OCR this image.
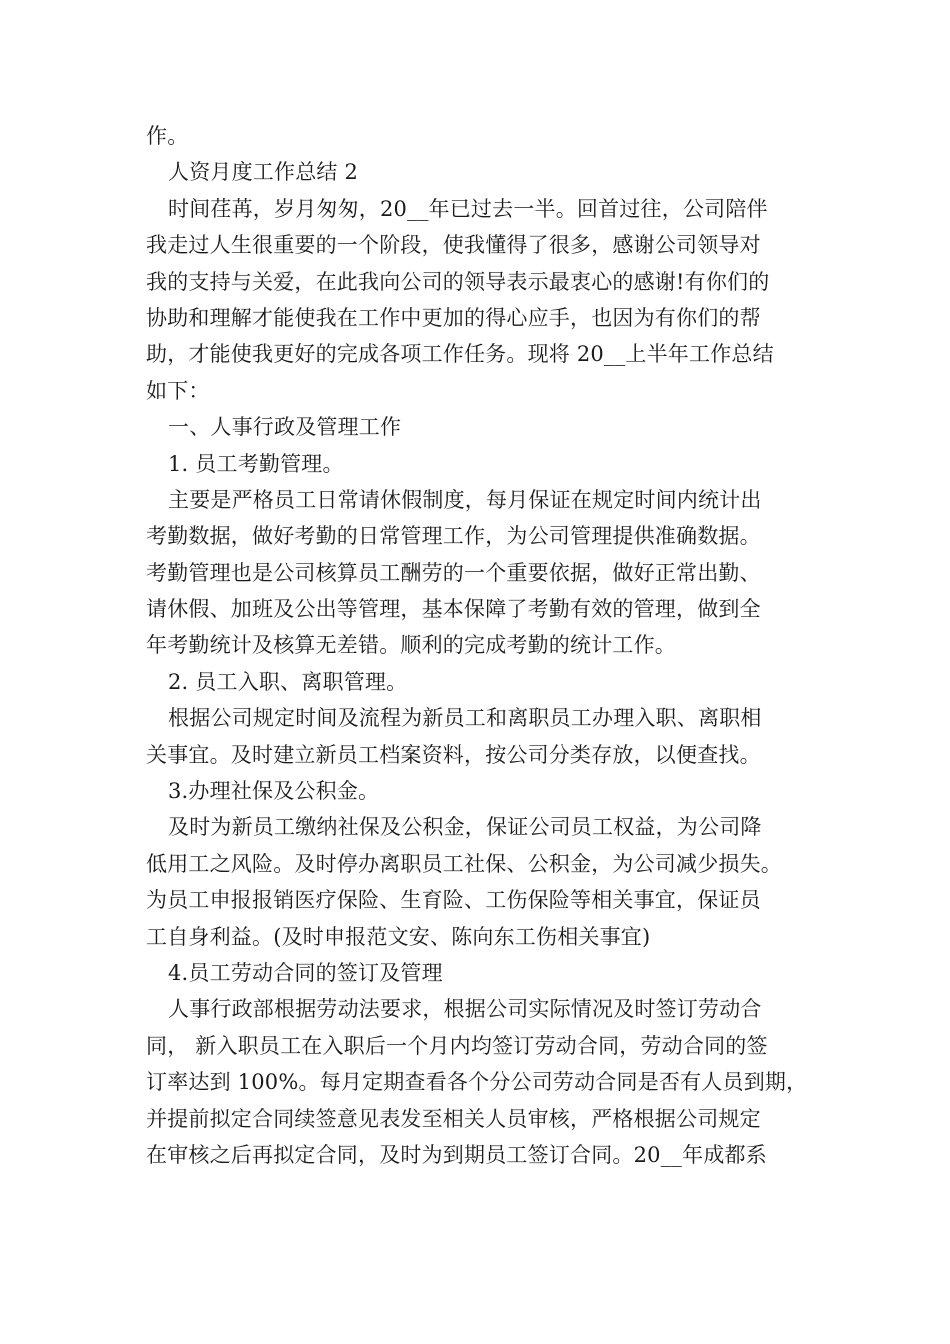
作。
人资月度工作总结 2
时间荏苒，岁月匆匆，20__年已过去一半。回首过往，公司陪伴
我走过人生很重要的一个阶段，使我懂得了很多，感谢公司领导对
我的支持与关爱，在此我向公司的领导表示最衷心的感谢!有你们的
协助和理解才能使我在工作中更加的得心应手，也因为有你们的帮
助，才能使我更好的完成各项工作任务。现将 20__上半年工作总结
如下：
一、人事行政及管理工作
1. 员工考勤管理。
主要是严格员工日常请休假制度，每月保证在规定时间内统计出
考勤数据，做好考勤的日常管理工作，为公司管理提供准确数据。
考勤管理也是公司核算员工酬劳的一个重要依据，做好正常出勤、
请休假、加班及公出等管理，基本保障了考勤有效的管理，做到全
年考勤统计及核算无差错。顺利的完成考勤的统计工作。
2. 员工入职、离职管理。
根据公司规定时间及流程为新员工和离职员工办理入职、离职相
关事宜。及时建立新员工档案资料，按公司分类存放，以便查找。
3.办理社保及公积金。
及时为新员工缴纳社保及公积金，保证公司员工权益，为公司降
低用工之风险。及时停办离职员工社保、公积金，为公司减少损失。
为员工申报报销医疗保险、生育险、工伤保险等相关事宜，保证员
工自身利益。(及时申报范文安、陈向东工伤相关事宜)
4.员工劳动合同的签订及管理
人事行政部根据劳动法要求，根据公司实际情况及时签订劳动合
同， 新入职员工在入职后一个月内均签订劳动合同，劳动合同的签
订率达到 100%。每月定期查看各个分公司劳动合同是否有人员到期，
并提前拟定合同续签意见表发至相关人员审核，严格根据公司规定
在审核之后再拟定合同，及时为到期员工签订合同。20__年成都系
